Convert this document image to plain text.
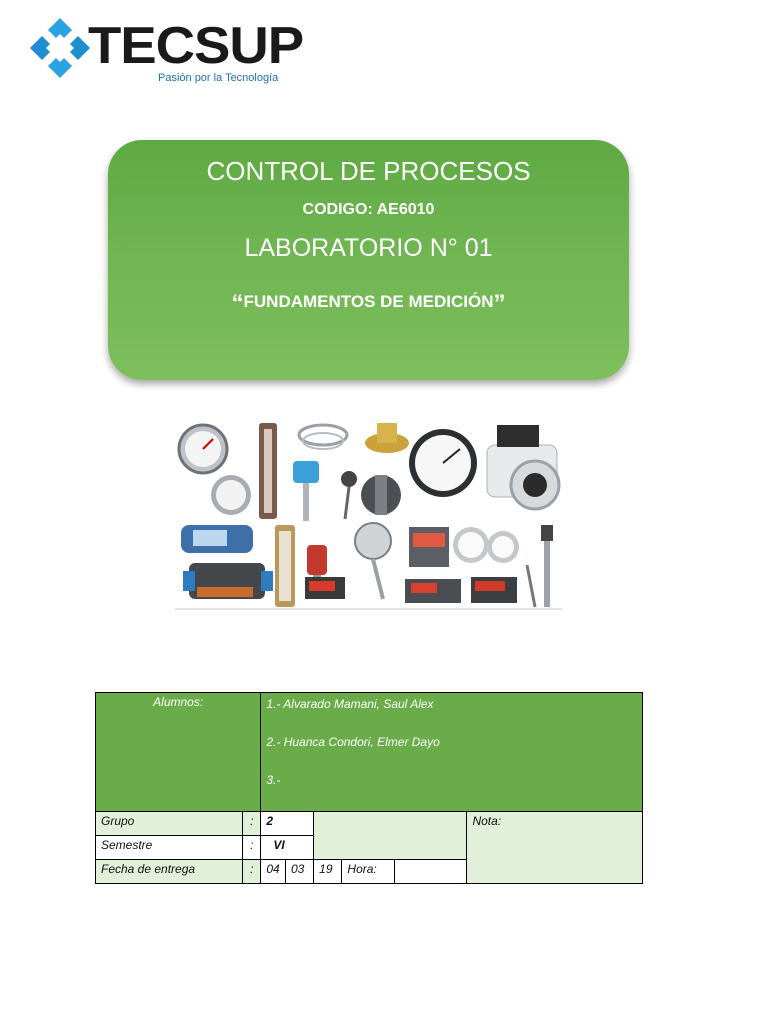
TECSUP
Pasión por la Tecnología
CONTROL DE PROCESOS
CODIGO: AE6010
LABORATORIO N° 01
“FUNDAMENTOS DE MEDICIÓN”
Alumnos:		1.- Alvarado Mamani, Saul Alex
2.- Huanca Condori, Elmer Dayo
3.-					

Grupo	:	2					Nota:
Semestre	:	VI					
Fecha de entrega	:	04	03	19	Hora:		
